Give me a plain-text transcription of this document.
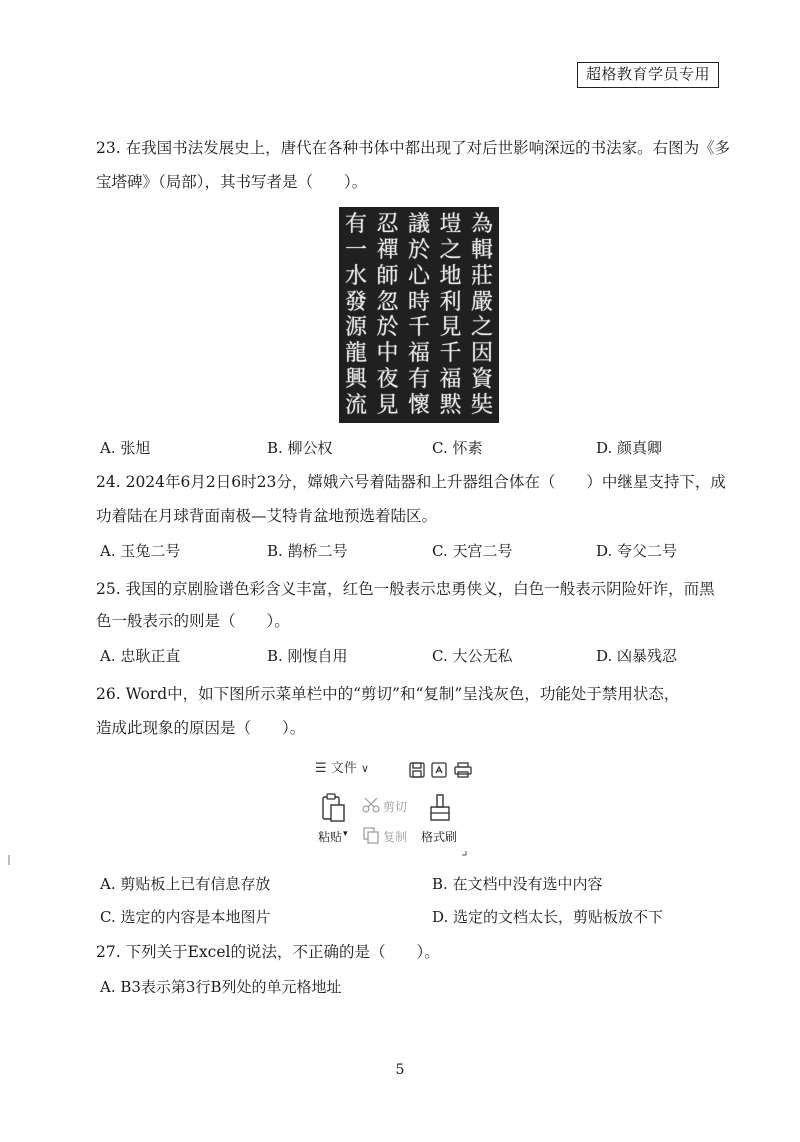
超格教育学员专用
23. 在我国书法发展史上，唐代在各种书体中都出现了对后世影响深远的书法家。右图为《多
宝塔碑》（局部），其书写者是（　　）。
為
輯
莊
嚴
之
因
資
奘
塏
之
地
利
見
千
福
黙
議
於
心
時
千
福
有
懷
忍
禪
師
忽
於
中
夜
見
有
一
水
發
源
龍
興
流
A. 张旭	B. 柳公权	C. 怀素	D. 颜真卿
24. 2024年6月2日6时23分，嫦娥六号着陆器和上升器组合体在（　　）中继星支持下，成
功着陆在月球背面南极—艾特肯盆地预选着陆区。
A. 玉兔二号	B. 鹊桥二号	C. 天宫二号	D. 夸父二号
25. 我国的京剧脸谱色彩含义丰富，红色一般表示忠勇侠义，白色一般表示阴险奸诈，而黑
色一般表示的则是（　　）。
A. 忠耿正直	B. 刚愎自用	C. 大公无私	D. 凶暴残忍
26. Word中，如下图所示菜单栏中的“剪切”和“复制”呈浅灰色，功能处于禁用状态，
造成此现象的原因是（　　）。
☰ 文件 ∨
粘贴 ▾
剪切
复制 格式刷
A. 剪贴板上已有信息存放	B. 在文档中没有选中内容
C. 选定的内容是本地图片	D. 选定的文档太长，剪贴板放不下
27. 下列关于Excel的说法，不正确的是（　　）。
A. B3表示第3行B列处的单元格地址
5
